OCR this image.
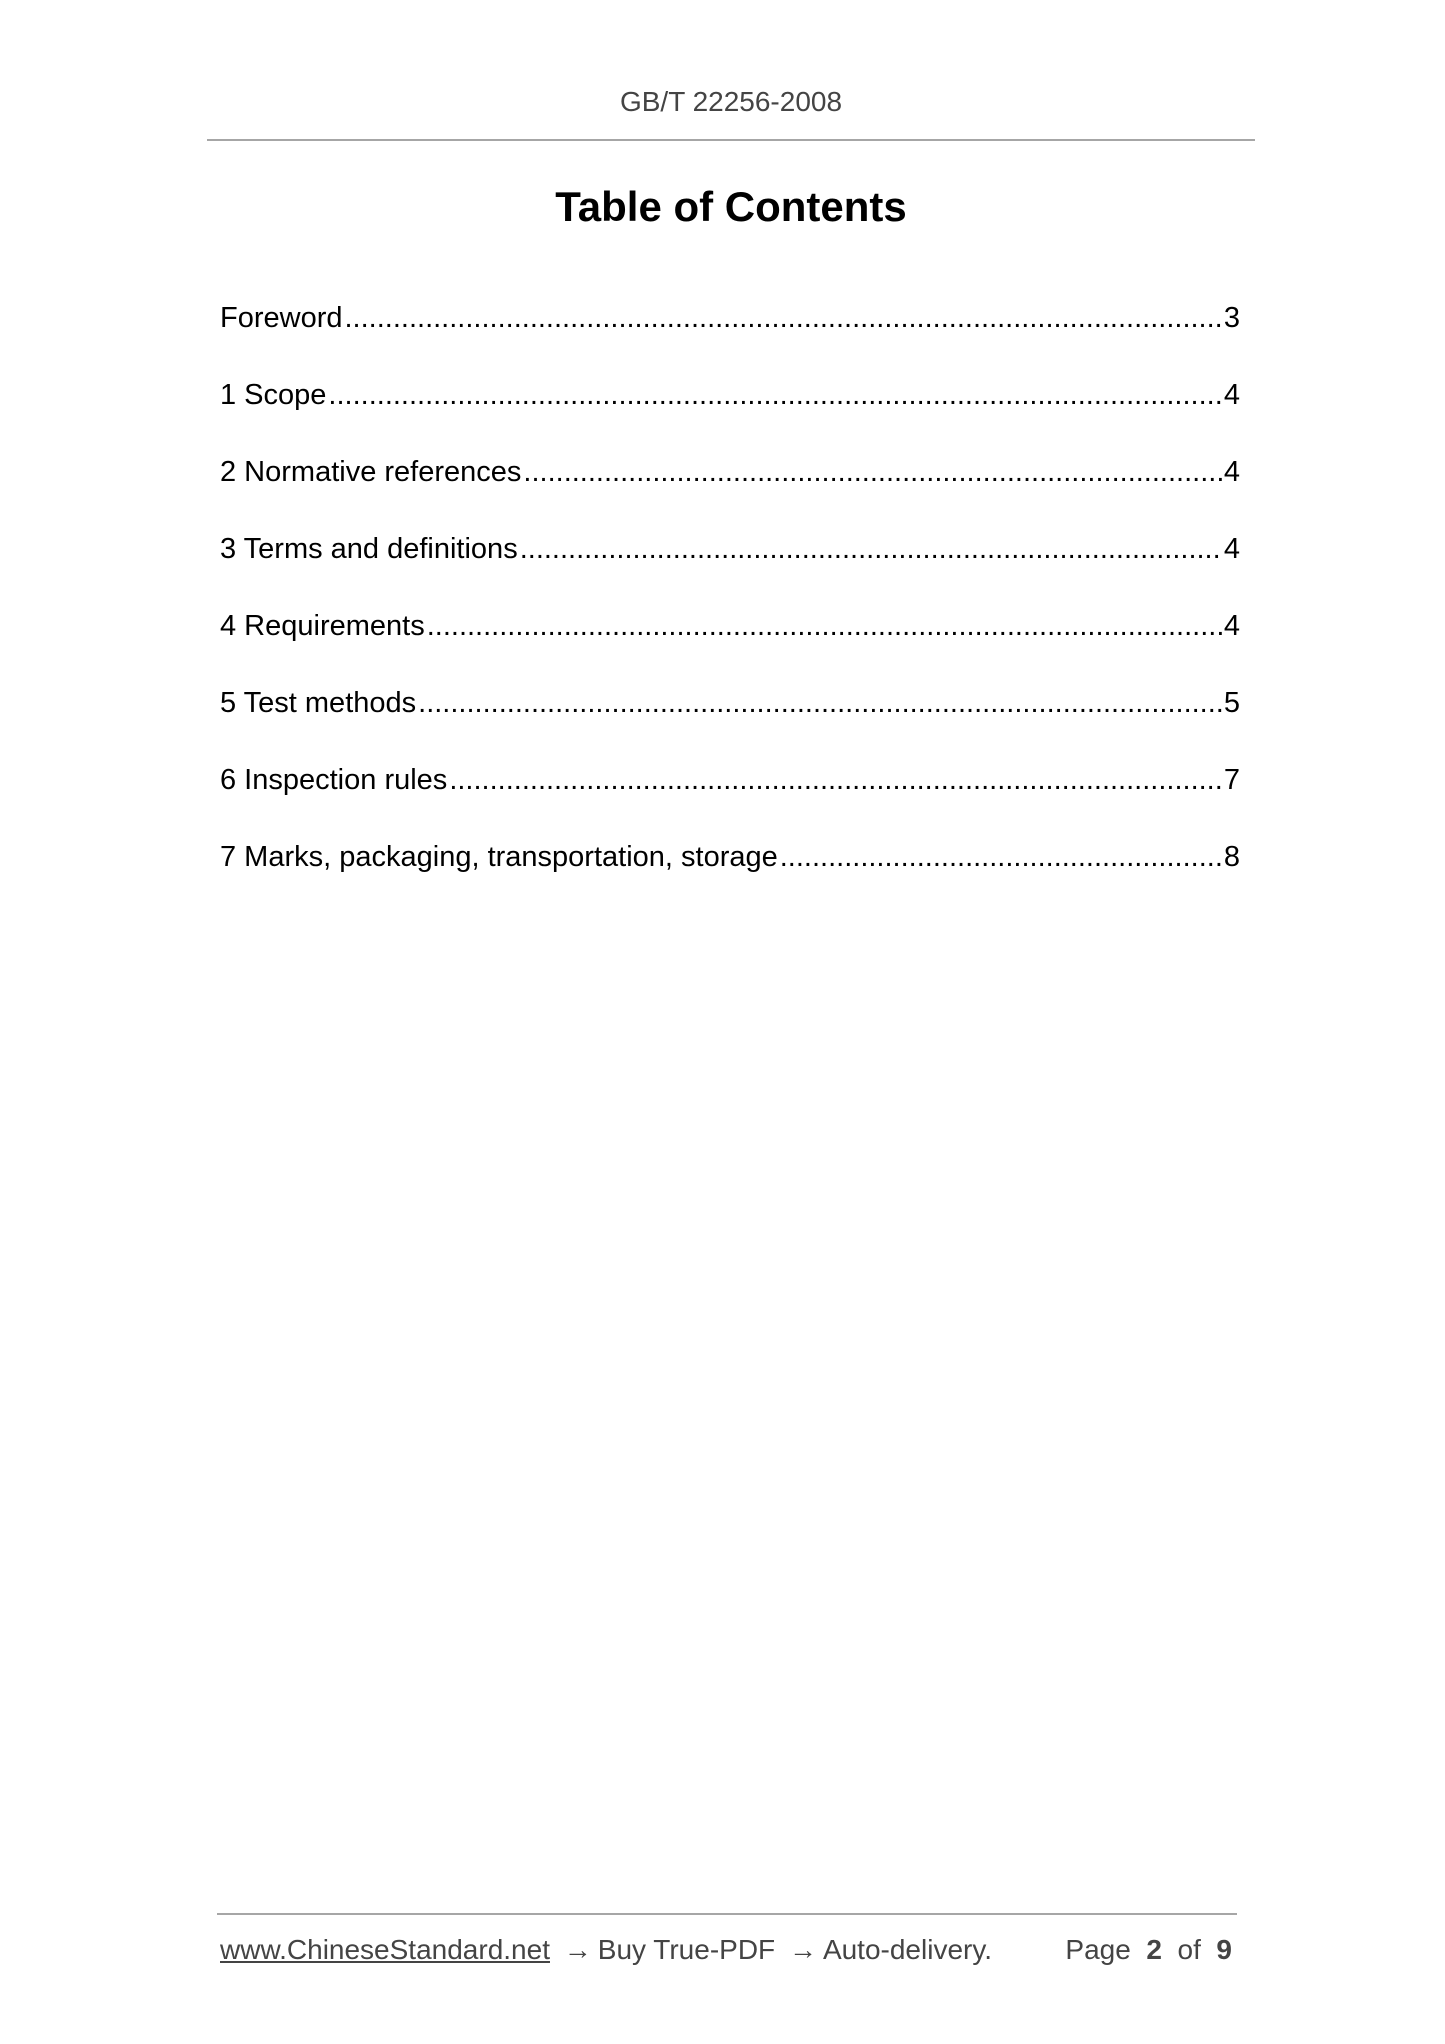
GB/T 22256-2008
Table of Contents
Foreword .....	3
1 Scope .....	4
2 Normative references .....	4
3 Terms and definitions .....	4
4 Requirements .....	4
5 Test methods .....	5
6 Inspection rules .....	7
7 Marks, packaging, transportation, storage .....	8
www.ChineseStandard.net → Buy True-PDF → Auto-delivery.	Page 2 of 9
